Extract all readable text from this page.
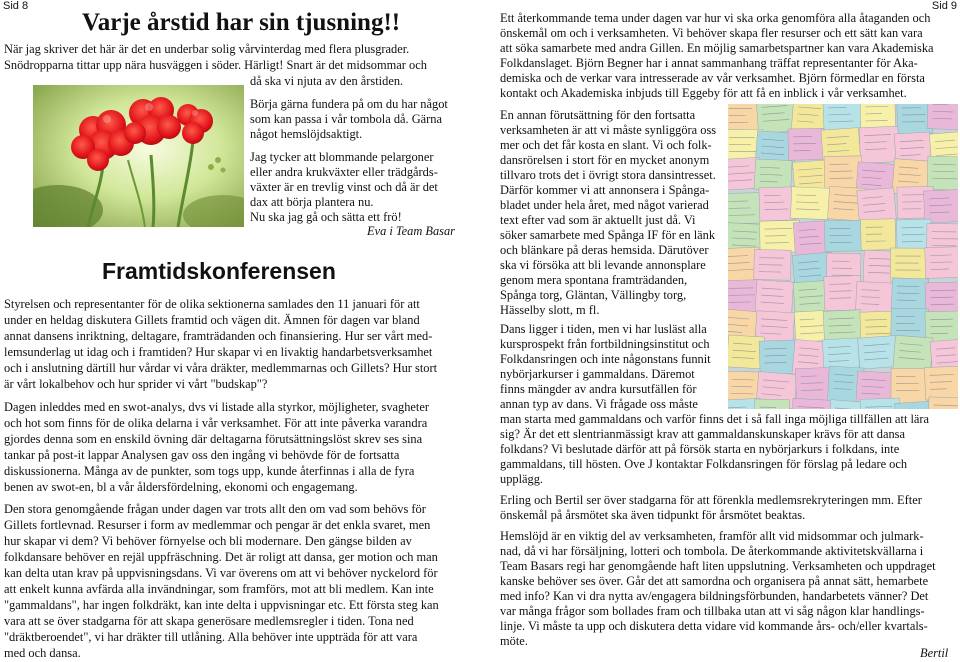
Sid 8	Sid 9
Varje årstid har sin tjusning!!
När jag skriver det här är det en underbar solig vårvinterdag med flera plusgrader.
Snödropparna tittar upp nära husväggen i söder. Härligt! Snart är det midsommar och
då ska vi njuta av den årstiden.
Börja gärna fundera på om du har något
som kan passa i vår tombola då. Gärna
något hemslöjdsaktigt.
Jag tycker att blommande pelargoner
eller andra krukväxter eller trädgårds-
växter är en trevlig vinst och då är det
dax att börja plantera nu.
Nu ska jag gå och sätta ett frö!
Eva i Team Basar
Framtidskonferensen
Styrelsen och representanter för de olika sektionerna samlades den 11 januari för att
under en heldag diskutera Gillets framtid och vägen dit. Ämnen för dagen var bland
annat dansens inriktning, deltagare, framträdanden och finansiering. Hur ser vårt med-
lemsunderlag ut idag och i framtiden? Hur skapar vi en livaktig handarbetsverksamhet
och i anslutning därtill hur vårdar vi våra dräkter, medlemmarnas och Gillets? Hur stort
är vårt lokalbehov och hur sprider vi vårt "budskap"?
Dagen inleddes med en swot-analys, dvs vi listade alla styrkor, möjligheter, svagheter
och hot som finns för de olika delarna i vår verksamhet. För att inte påverka varandra
gjordes denna som en enskild övning där deltagarna förutsättningslöst skrev ses sina
tankar på post-it lappar Analysen gav oss den ingång vi behövde för de fortsatta
diskussionerna. Många av de punkter, som togs upp, kunde återfinnas i alla de fyra
benen av swot-en, bl a vår åldersfördelning, ekonomi och engagemang.
Den stora genomgående frågan under dagen var trots allt den om vad som behövs för
Gillets fortlevnad. Resurser i form av medlemmar och pengar är det enkla svaret, men
hur skapar vi dem? Vi behöver förnyelse och bli modernare. Den gängse bilden av
folkdansare behöver en rejäl uppfräschning. Det är roligt att dansa, ger motion och man
kan delta utan krav på uppvisningsdans. Vi var överens om att vi behöver nyckelord för
att enkelt kunna avfärda alla invändningar, som framförs, mot att bli medlem. Kan inte
"gammaldans", har ingen folkdräkt, kan inte delta i uppvisningar etc. Ett första steg kan
vara att se över stadgarna för att skapa generösare medlemsregler i tiden. Tona ned
"dräktberoendet", vi har dräkter till utlåning. Alla behöver inte uppträda för att vara
med och dansa.
Ett återkommande tema under dagen var hur vi ska orka genomföra alla åtaganden och
önskemål om och i verksamheten. Vi behöver skapa fler resurser och ett sätt kan vara
att söka samarbete med andra Gillen. En möjlig samarbetspartner kan vara Akademiska
Folkdanslaget. Björn Begner har i annat sammanhang träffat representanter för Aka-
demiska och de verkar vara intresserade av vår verksamhet. Björn förmedlar en första
kontakt och Akademiska inbjuds till Eggeby för att få en inblick i vår verksamhet.
En annan förutsättning för den fortsatta
verksamheten är att vi måste synliggöra oss
mer och det får kosta en slant. Vi och folk-
dansrörelsen i stort för en mycket anonym
tillvaro trots det i övrigt stora dansintresset.
Därför kommer vi att annonsera i Spånga-
bladet under hela året, med något varierad
text efter vad som är aktuellt just då. Vi
söker samarbete med Spånga IF för en länk
och blänkare på deras hemsida. Därutöver
ska vi försöka att bli levande annonsplare
genom mera spontana framträdanden,
Spånga torg, Gläntan, Vällingby torg,
Hässelby slott, m fl.
Dans ligger i tiden, men vi har lusläst alla
kursprospekt från fortbildningsinstitut och
Folkdansringen och inte någonstans funnit
nybörjarkurser i gammaldans. Däremot
finns mängder av andra kursutfällen för
annan typ av dans. Vi frågade oss måste
man starta med gammaldans och varför finns det i så fall inga möjliga tillfällen att lära
sig? Är det ett slentrianmässigt krav att gammaldanskunskaper krävs för att dansa
folkdans? Vi beslutade därför att på försök starta en nybörjarkurs i folkdans, inte
gammaldans, till hösten. Ove J kontaktar Folkdansringen för förslag på ledare och
upplägg.
Erling och Bertil ser över stadgarna för att förenkla medlemsrekryteringen mm. Efter
önskemål på årsmötet ska även tidpunkt för årsmötet beaktas.
Hemslöjd är en viktig del av verksamheten, framför allt vid midsommar och julmark-
nad, då vi har försäljning, lotteri och tombola. De återkommande aktivitetskvällarna i
Team Basars regi har genomgående haft liten uppslutning. Verksamheten och uppdraget
kanske behöver ses över. Går det att samordna och organisera på annat sätt, hemarbete
med info? Kan vi dra nytta av/engagera bildningsförbunden, handarbetets vänner? Det
var många frågor som bollades fram och tillbaka utan att vi såg någon klar handlings-
linje. Vi måste ta upp och diskutera detta vidare vid kommande års- och/eller kvartals-
möte.
Bertil
